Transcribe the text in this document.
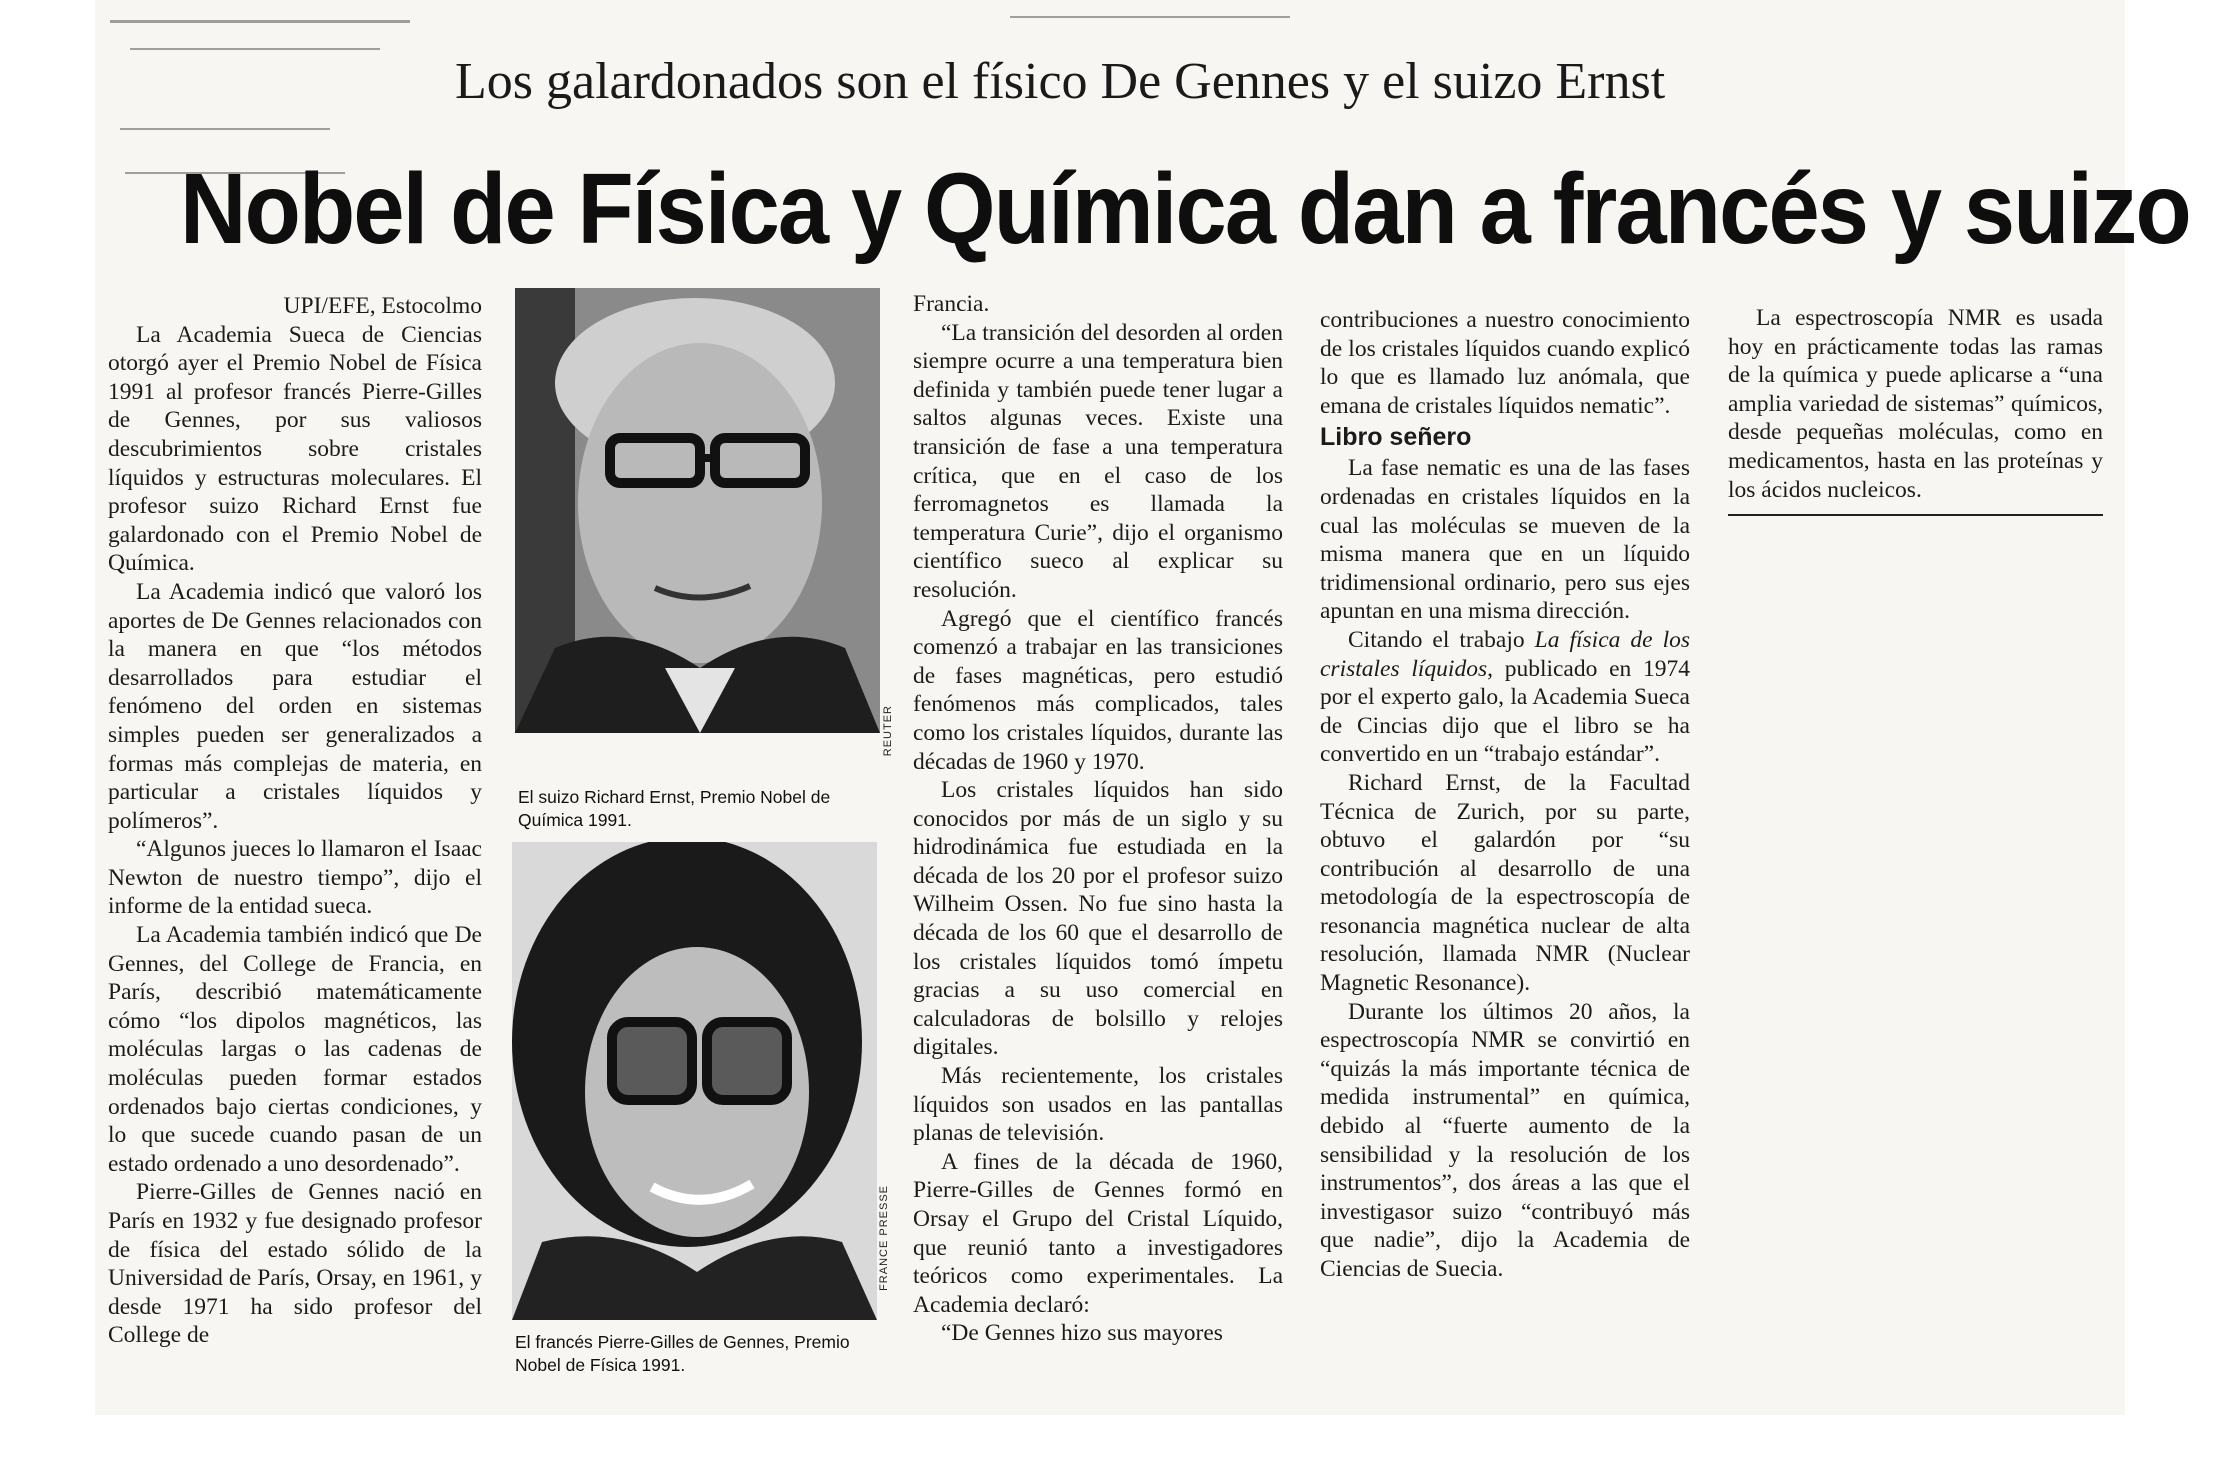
Los galardonados son el físico De Gennes y el suizo Ernst
Nobel de Física y Química dan a francés y suizo

UPI/EFE, Estocolmo

La Academia Sueca de Ciencias otorgó ayer el Premio Nobel de Física 1991 al profesor francés Pierre-Gilles de Gennes, por sus valiosos descubrimientos sobre cristales líquidos y estructuras moleculares. El profesor suizo Richard Ernst fue galardonado con el Premio Nobel de Química.

La Academia indicó que valoró los aportes de De Gennes relacionados con la manera en que “los métodos desarrollados para estudiar el fenómeno del orden en sistemas simples pueden ser generalizados a formas más complejas de materia, en particular a cristales líquidos y polímeros”.

“Algunos jueces lo llamaron el Isaac Newton de nuestro tiempo”, dijo el informe de la entidad sueca.

La Academia también indicó que De Gennes, del College de Francia, en París, describió matemáticamente cómo “los dipolos magnéticos, las moléculas largas o las cadenas de moléculas pueden formar estados ordenados bajo ciertas condiciones, y lo que sucede cuando pasan de un estado ordenado a uno desordenado”.

Pierre-Gilles de Gennes nació en París en 1932 y fue designado profesor de física del estado sólido de la Universidad de París, Orsay, en 1961, y desde 1971 ha sido profesor del College de

REUTER
El suizo Richard Ernst, Premio Nobel de Química 1991.
FRANCE PRESSE
El francés Pierre-Gilles de Gennes, Premio Nobel de Física 1991.

Francia.

“La transición del desorden al orden siempre ocurre a una temperatura bien definida y también puede tener lugar a saltos algunas veces. Existe una transición de fase a una temperatura crítica, que en el caso de los ferromagnetos es llamada la temperatura Curie”, dijo el organismo científico sueco al explicar su resolución.

Agregó que el científico francés comenzó a trabajar en las transiciones de fases magnéticas, pero estudió fenómenos más complicados, tales como los cristales líquidos, durante las décadas de 1960 y 1970.

Los cristales líquidos han sido conocidos por más de un siglo y su hidrodinámica fue estudiada en la década de los 20 por el profesor suizo Wilheim Ossen. No fue sino hasta la década de los 60 que el desarrollo de los cristales líquidos tomó ímpetu gracias a su uso comercial en calculadoras de bolsillo y relojes digitales.

Más recientemente, los cristales líquidos son usados en las pantallas planas de televisión.

A fines de la década de 1960, Pierre-Gilles de Gennes formó en Orsay el Grupo del Cristal Líquido, que reunió tanto a investigadores teóricos como experimentales. La Academia declaró:

“De Gennes hizo sus mayores

contribuciones a nuestro conocimiento de los cristales líquidos cuando explicó lo que es llamado luz anómala, que emana de cristales líquidos nematic”.

Libro señero

La fase nematic es una de las fases ordenadas en cristales líquidos en la cual las moléculas se mueven de la misma manera que en un líquido tridimensional ordinario, pero sus ejes apuntan en una misma dirección.

Citando el trabajo La física de los cristales líquidos, publicado en 1974 por el experto galo, la Academia Sueca de Cincias dijo que el libro se ha convertido en un “trabajo estándar”.

Richard Ernst, de la Facultad Técnica de Zurich, por su parte, obtuvo el galardón por “su contribución al desarrollo de una metodología de la espectroscopía de resonancia magnética nuclear de alta resolución, llamada NMR (Nuclear Magnetic Resonance).

Durante los últimos 20 años, la espectroscopía NMR se convirtió en “quizás la más importante técnica de medida instrumental” en química, debido al “fuerte aumento de la sensibilidad y la resolución de los instrumentos”, dos áreas a las que el investigasor suizo “contribuyó más que nadie”, dijo la Academia de Ciencias de Suecia.

La espectroscopía NMR es usada hoy en prácticamente todas las ramas de la química y puede aplicarse a “una amplia variedad de sistemas” químicos, desde pequeñas moléculas, como en medicamentos, hasta en las proteínas y los ácidos nucleicos.
